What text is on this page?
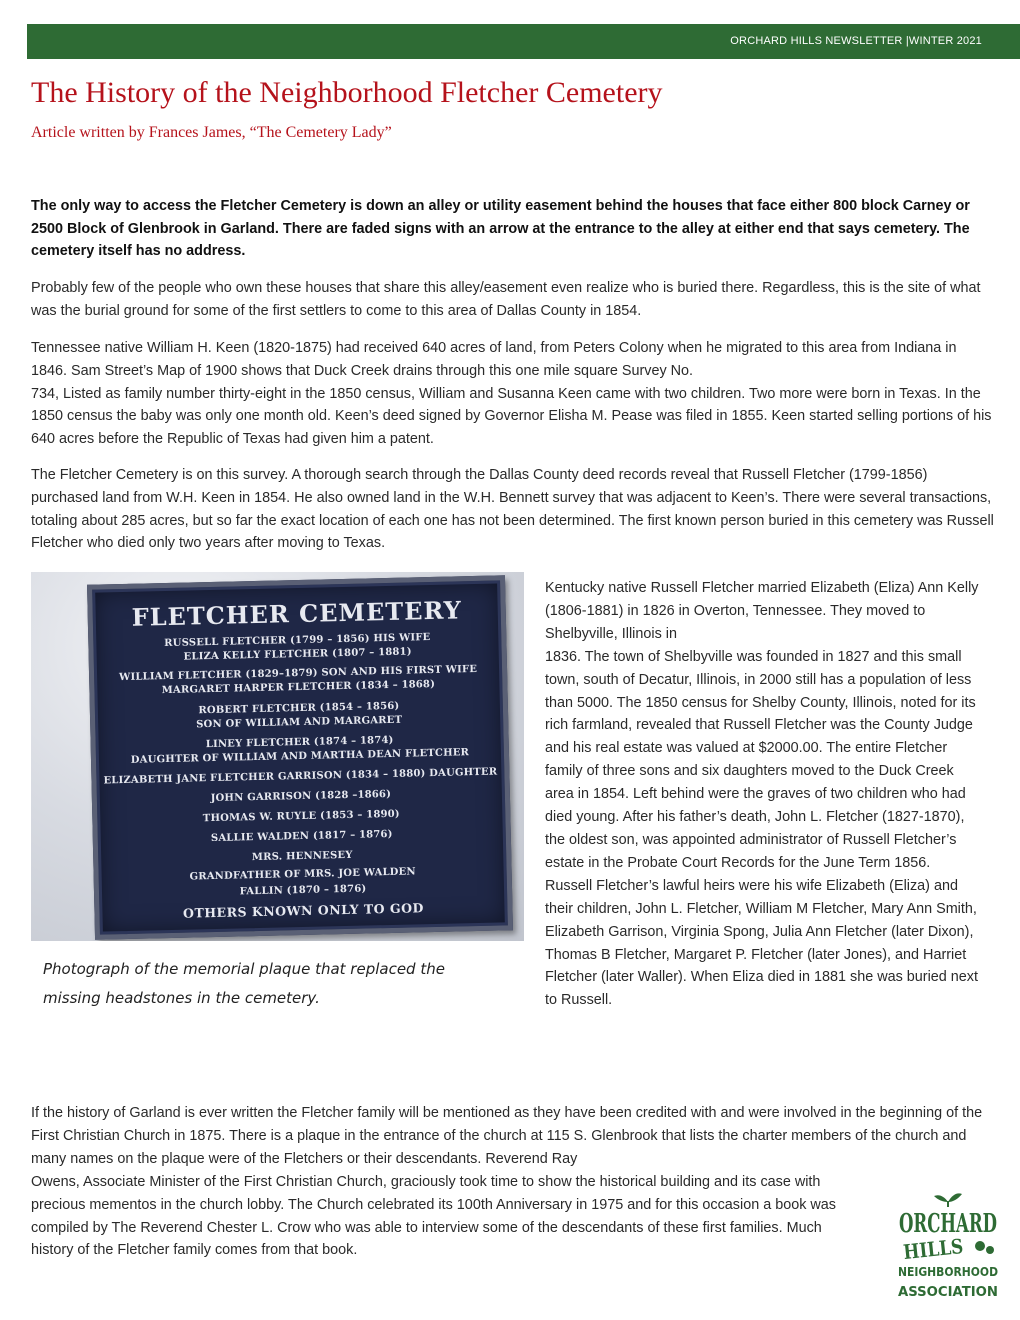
ORCHARD HILLS NEWSLETTER |WINTER 2021
The History of the Neighborhood Fletcher Cemetery
Article written by Frances James, “The Cemetery Lady”

The only way to access the Fletcher Cemetery is down an alley or utility easement behind the houses that face either 800 block Carney or 2500 Block of Glenbrook in Garland. There are faded signs with an arrow at the entrance to the alley at either end that says cemetery. The cemetery itself has no address.

Probably few of the people who own these houses that share this alley/easement even realize who is buried there. Regardless, this is the site of what was the burial ground for some of the first settlers to come to this area of Dallas County in 1854.

Tennessee native William H. Keen (1820-1875) had received 640 acres of land, from Peters Colony when he migrated to this area from Indiana in 1846. Sam Street’s Map of 1900 shows that Duck Creek drains through this one mile square Survey No.
734, Listed as family number thirty-eight in the 1850 census, William and Susanna Keen came with two children. Two more were born in Texas. In the 1850 census the baby was only one month old. Keen’s deed signed by Governor Elisha M. Pease was filed in 1855. Keen started selling portions of his 640 acres before the Republic of Texas had given him a patent.

The Fletcher Cemetery is on this survey. A thorough search through the Dallas County deed records reveal that Russell Fletcher (1799-1856) purchased land from W.H. Keen in 1854. He also owned land in the W.H. Bennett survey that was adjacent to Keen’s. There were several transactions, totaling about 285 acres, but so far the exact location of each one has not been determined. The first known person buried in this cemetery was Russell Fletcher who died only two years after moving to Texas.

FLETCHER CEMETERY
RUSSELL FLETCHER (1799 – 1856) HIS WIFE
ELIZA KELLY FLETCHER (1807 – 1881)
WILLIAM FLETCHER (1829–1879) SON AND HIS FIRST WIFE
MARGARET HARPER FLETCHER (1834 – 1868)
ROBERT FLETCHER (1854 – 1856)
SON OF WILLIAM AND MARGARET
LINEY FLETCHER (1874 – 1874)
DAUGHTER OF WILLIAM AND MARTHA DEAN FLETCHER
ELIZABETH JANE FLETCHER GARRISON (1834 – 1880) DAUGHTER
JOHN GARRISON (1828 –1866)
THOMAS W. RUYLE (1853 – 1890)
SALLIE WALDEN (1817 – 1876)
MRS. HENNESEY
GRANDFATHER OF MRS. JOE WALDEN
FALLIN (1870 – 1876)
OTHERS KNOWN ONLY TO GOD

Photograph of the memorial plaque that replaced the missing headstones in the cemetery.

Kentucky native Russell Fletcher married Elizabeth (Eliza) Ann Kelly (1806-1881) in 1826 in Overton, Tennessee. They moved to Shelbyville, Illinois in
1836. The town of Shelbyville was founded in 1827 and this small town, south of Decatur, Illinois, in 2000 still has a population of less than 5000. The 1850 census for Shelby County, Illinois, noted for its rich farmland, revealed that Russell Fletcher was the County Judge and his real estate was valued at $2000.00. The entire Fletcher family of three sons and six daughters moved to the Duck Creek area in 1854. Left behind were the graves of two children who had died young. After his father’s death, John L. Fletcher (1827-1870), the oldest son, was appointed administrator of Russell Fletcher’s estate in the Probate Court Records for the June Term 1856. Russell Fletcher’s lawful heirs were his wife Elizabeth (Eliza) and their children, John L. Fletcher, William M Fletcher, Mary Ann Smith, Elizabeth Garrison, Virginia Spong, Julia Ann Fletcher (later Dixon), Thomas B Fletcher, Margaret P. Fletcher (later Jones), and Harriet Fletcher (later Waller). When Eliza died in 1881 she was buried next to Russell.

If the history of Garland is ever written the Fletcher family will be mentioned as they have been credited with and were involved in the beginning of the First Christian Church in 1875. There is a plaque in the entrance of the church at 115 S. Glenbrook that lists the charter members of the church and many names on the plaque were of the Fletchers or their descendants. Reverend Ray

Owens, Associate Minister of the First Christian Church, graciously took time to show the historical building and its case with precious mementos in the church lobby. The Church celebrated its 100th Anniversary in 1975 and for this occasion a book was compiled by The Reverend Chester L. Crow who was able to interview some of the descendants of these first families. Much history of the Fletcher family comes from that book.

ORCHARD
HILLS
NEIGHBORHOOD
ASSOCIATION
